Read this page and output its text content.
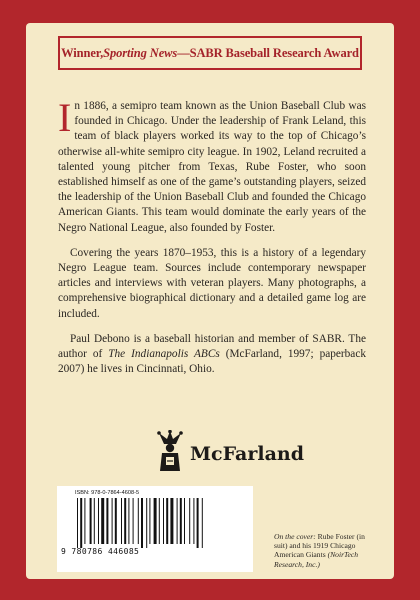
Winner, Sporting News —SABR Baseball Research Award

In 1886, a semipro team known as the Union Baseball Club was founded in Chicago. Under the leadership of Frank Leland, this team of black players worked its way to the top of Chicago’s otherwise all-white semipro city league. In 1902, Leland recruited a talented young pitcher from Texas, Rube Foster, who soon established himself as one of the game’s outstanding players, seized the leadership of the Union Baseball Club and founded the Chicago American Giants. This team would dominate the early years of the Negro National League, also founded by Foster.

Covering the years 1870–1953, this is a history of a legendary Negro League team. Sources include contemporary newspaper articles and interviews with veteran players. Many photographs, a comprehensive biographical dictionary and a detailed game log are included.

Paul Debono is a baseball historian and member of SABR. The author of The Indianapolis ABCs (McFarland, 1997; paperback 2007) he lives in Cincinnati, Ohio.

McFarland
ISBN: 978-0-7864-4608-5
9 780786 446085
On the cover: Rube Foster (in suit) and his 1919 Chicago American Giants (NoirTech Research, Inc.)
